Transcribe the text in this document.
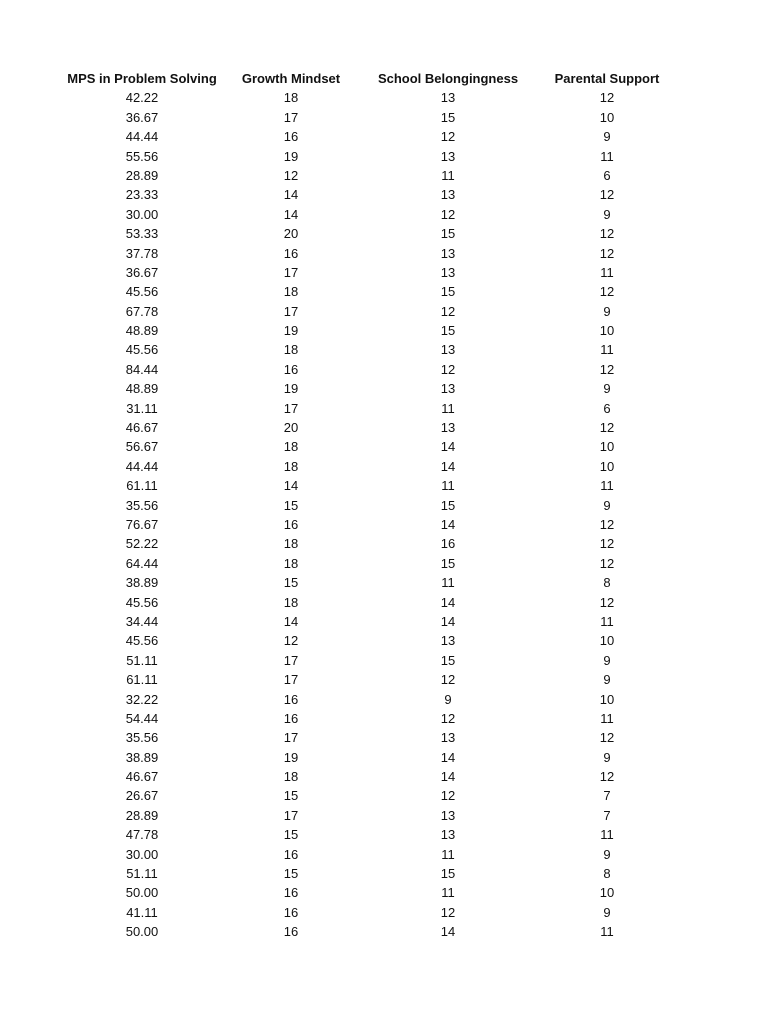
MPS in Problem Solving
42.22
36.67
44.44
55.56
28.89
23.33
30.00
53.33
37.78
36.67
45.56
67.78
48.89
45.56
84.44
48.89
31.11
46.67
56.67
44.44
61.11
35.56
76.67
52.22
64.44
38.89
45.56
34.44
45.56
51.11
61.11
32.22
54.44
35.56
38.89
46.67
26.67
28.89
47.78
30.00
51.11
50.00
41.11
50.00
Growth Mindset
18
17
16
19
12
14
14
20
16
17
18
17
19
18
16
19
17
20
18
18
14
15
16
18
18
15
18
14
12
17
17
16
16
17
19
18
15
17
15
16
15
16
16
16
School Belongingness
13
15
12
13
11
13
12
15
13
13
15
12
15
13
12
13
11
13
14
14
11
15
14
16
15
11
14
14
13
15
12
9
12
13
14
14
12
13
13
11
15
11
12
14
Parental Support
12
10
9
11
6
12
9
12
12
11
12
9
10
11
12
9
6
12
10
10
11
9
12
12
12
8
12
11
10
9
9
10
11
12
9
12
7
7
11
9
8
10
9
11
